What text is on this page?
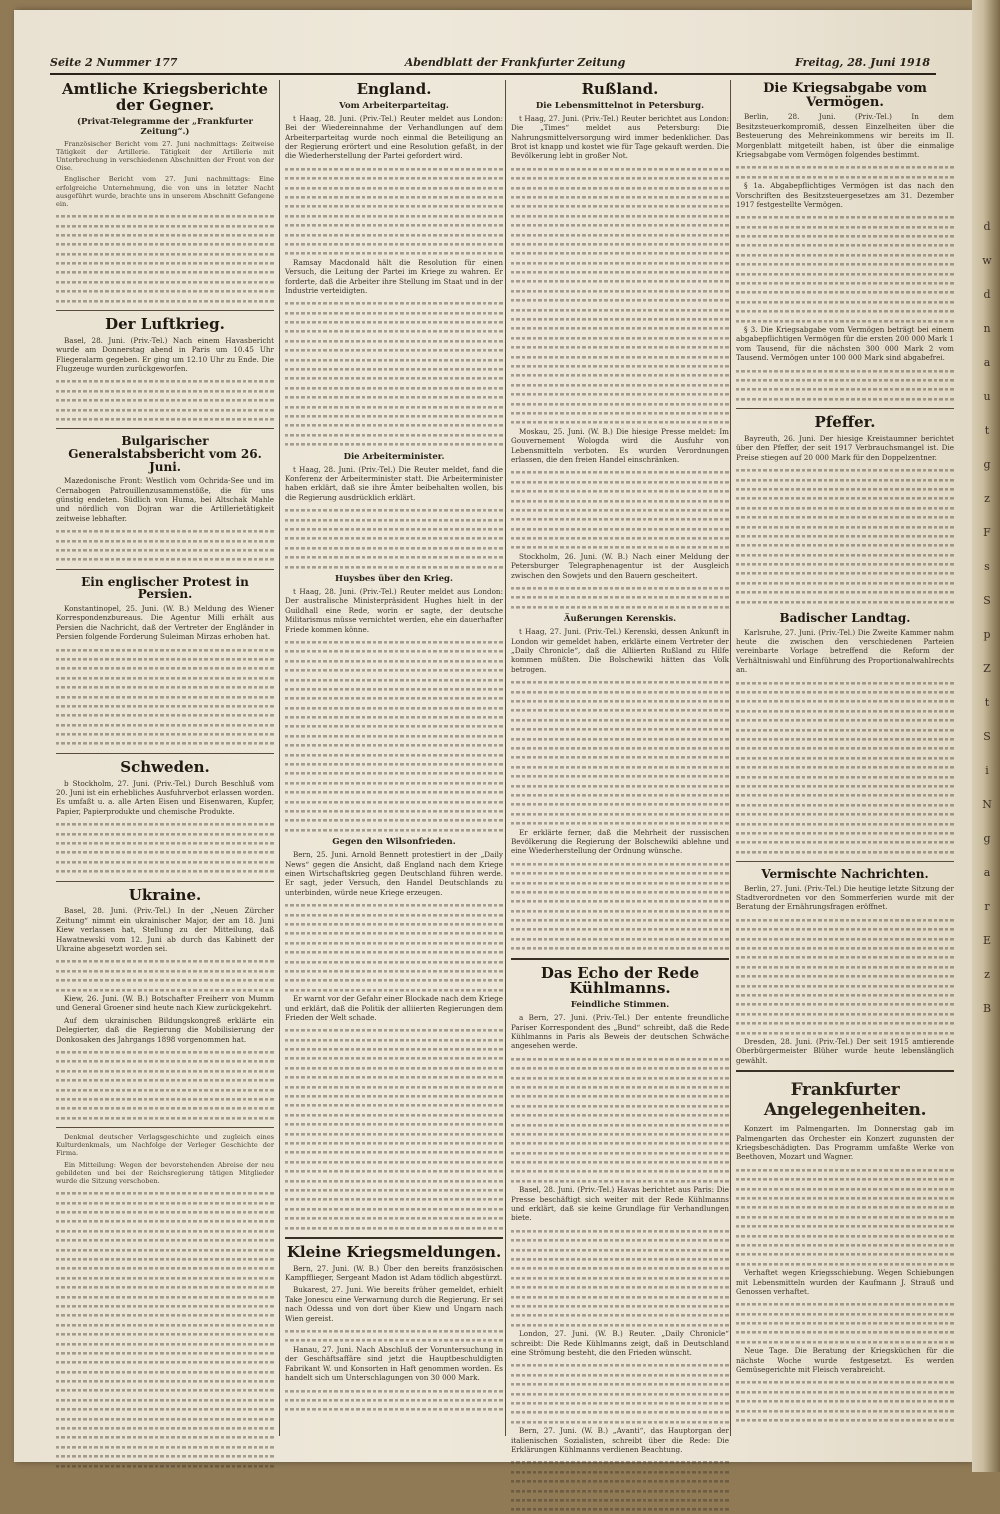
d
w
d
n
a
u
t
g
z
F
s
S
p
Z
t
S
i
N
g
a
r
E
z
B
Seite 2 Nummer 177	Abendblatt der Frankfurter Zeitung	Freitag, 28. Juni 1918
Amtliche Kriegsberichte der Gegner.
(Privat-Telegramme der „Frankfurter Zeitung“.)

Französischer Bericht vom 27. Juni nachmittags: Zeitweise Tätigkeit der Artillerie. Tätigkeit der Artillerie mit Unterbrechung in verschiedenen Abschnitten der Front von der Oise.

Englischer Bericht vom 27. Juni nachmittags: Eine erfolgreiche Unternehmung, die von uns in letzter Nacht ausgeführt wurde, brachte uns in unserem Abschnitt Gefangene ein.

Der Luftkrieg.

Basel, 28. Juni. (Priv.-Tel.) Nach einem Havasbericht wurde am Donnerstag abend in Paris um 10.45 Uhr Fliegeralarm gegeben. Er ging um 12.10 Uhr zu Ende. Die Flugzeuge wurden zurückgeworfen.

Bulgarischer Generalstabsbericht vom 26. Juni.

Mazedonische Front: Westlich vom Ochrida-See und im Cernabogen Patrouillenzusammenstöße, die für uns günstig endeten. Südlich von Huma, bei Altschak Mahle und nördlich von Dojran war die Artillerietätigkeit zeitweise lebhafter.

Ein englischer Protest in Persien.

Konstantinopel, 25. Juni. (W. B.) Meldung des Wiener Korrespondenzbureaus. Die Agentur Milli erhält aus Persien die Nachricht, daß der Vertreter der Engländer in Persien folgende Forderung Suleiman Mirzas erhoben hat.

Schweden.

b Stockholm, 27. Juni. (Priv.-Tel.) Durch Beschluß vom 20. Juni ist ein erhebliches Ausfuhrverbot erlassen worden. Es umfaßt u. a. alle Arten Eisen und Eisenwaren, Kupfer, Papier, Papierprodukte und chemische Produkte.

Ukraine.

Basel, 28. Juni. (Priv.-Tel.) In der „Neuen Zürcher Zeitung“ nimmt ein ukrainischer Major, der am 18. Juni Kiew verlassen hat, Stellung zu der Mitteilung, daß Hawatnewski vom 12. Juni ab durch das Kabinett der Ukraine abgesetzt worden sei.

Kiew, 26. Juni. (W. B.) Botschafter Freiherr von Mumm und General Groener sind heute nach Kiew zurückgekehrt.

Auf dem ukrainischen Bildungskongreß erklärte ein Delegierter, daß die Regierung die Mobilisierung der Donkosaken des Jahrgangs 1898 vorgenommen hat.

Denkmal deutscher Verlagsgeschichte und zugleich eines Kulturdenkmals, um Nachfolge der Verleger Geschichte der Firma.

Ein Mitteilung: Wegen der bevorstehenden Abreise der neu gebildeten und bei der Reichsregierung tätigen Mitglieder wurde die Sitzung verschoben.

England.
Vom Arbeiterparteitag.

t Haag, 28. Juni. (Priv.-Tel.) Reuter meldet aus London: Bei der Wiedereinnahme der Verhandlungen auf dem Arbeiterparteitag wurde noch einmal die Beteiligung an der Regierung erörtert und eine Resolution gefaßt, in der die Wiederherstellung der Partei gefordert wird.

Ramsay Macdonald hält die Resolution für einen Versuch, die Leitung der Partei im Kriege zu wahren. Er forderte, daß die Arbeiter ihre Stellung im Staat und in der Industrie verteidigten.

Die Arbeiterminister.

t Haag, 28. Juni. (Priv.-Tel.) Die Reuter meldet, fand die Konferenz der Arbeiterminister statt. Die Arbeiterminister haben erklärt, daß sie ihre Ämter beibehalten wollen, bis die Regierung ausdrücklich erklärt.

Huysbes über den Krieg.

t Haag, 28. Juni. (Priv.-Tel.) Reuter meldet aus London: Der australische Ministerpräsident Hughes hielt in der Guildhall eine Rede, worin er sagte, der deutsche Militarismus müsse vernichtet werden, ehe ein dauerhafter Friede kommen könne.

Gegen den Wilsonfrieden.

Bern, 25. Juni. Arnold Bennett protestiert in der „Daily News“ gegen die Ansicht, daß England nach dem Kriege einen Wirtschaftskrieg gegen Deutschland führen werde. Er sagt, jeder Versuch, den Handel Deutschlands zu unterbinden, würde neue Kriege erzeugen.

Er warnt vor der Gefahr einer Blockade nach dem Kriege und erklärt, daß die Politik der alliierten Regierungen dem Frieden der Welt schade.

Kleine Kriegsmeldungen.

Bern, 27. Juni. (W. B.) Über den bereits französischen Kampfflieger, Sergeant Madon ist Adam tödlich abgestürzt.

Bukarest, 27. Juni. Wie bereits früher gemeldet, erhielt Take Jonescu eine Verwarnung durch die Regierung. Er sei nach Odessa und von dort über Kiew und Ungarn nach Wien gereist.

Hanau, 27. Juni. Nach Abschluß der Voruntersuchung in der Geschäftsaffäre sind jetzt die Hauptbeschuldigten Fabrikant W. und Konsorten in Haft genommen worden. Es handelt sich um Unterschlagungen von 30 000 Mark.

Rußland.
Die Lebensmittelnot in Petersburg.

t Haag, 27. Juni. (Priv.-Tel.) Reuter berichtet aus London: Die „Times“ meldet aus Petersburg: Die Nahrungsmittelversorgung wird immer bedenklicher. Das Brot ist knapp und kostet wie für Tage gekauft werden. Die Bevölkerung lebt in großer Not.

Moskau, 25. Juni. (W. B.) Die hiesige Presse meldet: Im Gouvernement Wologda wird die Ausfuhr von Lebensmitteln verboten. Es wurden Verordnungen erlassen, die den freien Handel einschränken.

Stockholm, 26. Juni. (W. B.) Nach einer Meldung der Petersburger Telegraphenagentur ist der Ausgleich zwischen den Sowjets und den Bauern gescheitert.

Äußerungen Kerenskis.

t Haag, 27. Juni. (Priv.-Tel.) Kerenski, dessen Ankunft in London wir gemeldet haben, erklärte einem Vertreter der „Daily Chronicle“, daß die Alliierten Rußland zu Hilfe kommen müßten. Die Bolschewiki hätten das Volk betrogen.

Er erklärte ferner, daß die Mehrheit der russischen Bevölkerung die Regierung der Bolschewiki ablehne und eine Wiederherstellung der Ordnung wünsche.

Das Echo der Rede Kühlmanns.
Feindliche Stimmen.

a Bern, 27. Juni. (Priv.-Tel.) Der entente freundliche Pariser Korrespondent des „Bund“ schreibt, daß die Rede Kühlmanns in Paris als Beweis der deutschen Schwäche angesehen werde.

Basel, 28. Juni. (Priv.-Tel.) Havas berichtet aus Paris: Die Presse beschäftigt sich weiter mit der Rede Kühlmanns und erklärt, daß sie keine Grundlage für Verhandlungen biete.

London, 27. Juni. (W. B.) Reuter. „Daily Chronicle“ schreibt: Die Rede Kühlmanns zeigt, daß in Deutschland eine Strömung besteht, die den Frieden wünscht.

Bern, 27. Juni. (W. B.) „Avanti“, das Hauptorgan der italienischen Sozialisten, schreibt über die Rede: Die Erklärungen Kühlmanns verdienen Beachtung.

Die Kriegsabgabe vom Vermögen.

Berlin, 28. Juni. (Priv.-Tel.) In dem Besitzsteuerkompromiß, dessen Einzelheiten über die Besteuerung des Mehreinkommens wir bereits im II. Morgenblatt mitgeteilt haben, ist über die einmalige Kriegsabgabe vom Vermögen folgendes bestimmt.

§ 1a. Abgabepflichtiges Vermögen ist das nach den Vorschriften des Besitzsteuergesetzes am 31. Dezember 1917 festgestellte Vermögen.

§ 3. Die Kriegsabgabe vom Vermögen beträgt bei einem abgabepflichtigen Vermögen für die ersten 200 000 Mark 1 vom Tausend, für die nächsten 300 000 Mark 2 vom Tausend. Vermögen unter 100 000 Mark sind abgabefrei.

Pfeffer.

Bayreuth, 26. Juni. Der hiesige Kreistaumner berichtet über den Pfeffer, der seit 1917 Verbrauchsmangel ist. Die Preise stiegen auf 20 000 Mark für den Doppelzentner.

Badischer Landtag.

Karlsruhe, 27. Juni. (Priv.-Tel.) Die Zweite Kammer nahm heute die zwischen den verschiedenen Parteien vereinbarte Vorlage betreffend die Reform der Verhältniswahl und Einführung des Proportionalwahlrechts an.

Vermischte Nachrichten.

Berlin, 27. Juni. (Priv.-Tel.) Die heutige letzte Sitzung der Stadtverordneten vor den Sommerferien wurde mit der Beratung der Ernährungsfragen eröffnet.

Dresden, 28. Juni. (Priv.-Tel.) Der seit 1915 amtierende Oberbürgermeister Blüher wurde heute lebenslänglich gewählt.

Frankfurter Angelegenheiten.

Konzert im Palmengarten. Im Donnerstag gab im Palmengarten das Orchester ein Konzert zugunsten der Kriegsbeschädigten. Das Programm umfaßte Werke von Beethoven, Mozart und Wagner.

Verhaftet wegen Kriegsschiebung. Wegen Schiebungen mit Lebensmitteln wurden der Kaufmann J. Strauß und Genossen verhaftet.

Neue Tage. Die Beratung der Kriegsküchen für die nächste Woche wurde festgesetzt. Es werden Gemüsegerichte mit Fleisch verabreicht.
